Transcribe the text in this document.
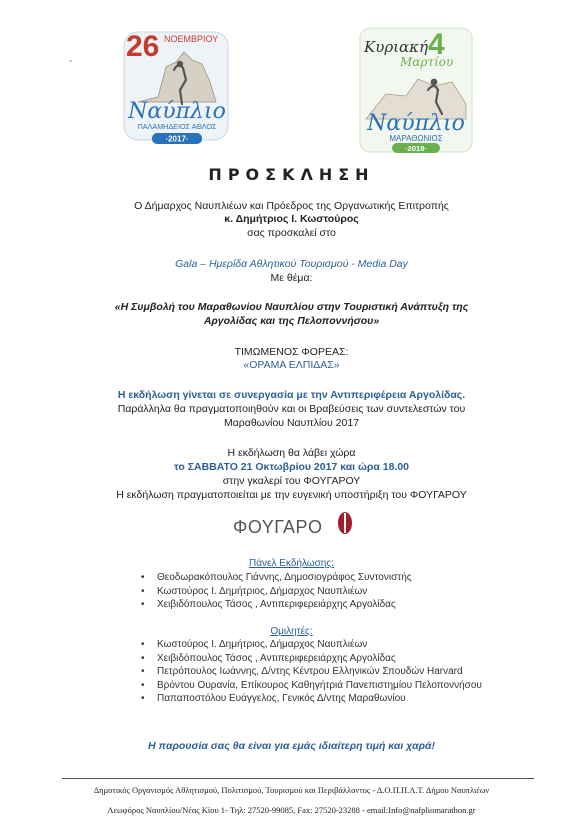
26 ΝΟΕΜΒΡΙΟΥ
Ναύπλιο
ΠΑΛΑΜΗΔΕΙΟΣ ΑΘΛΟΣ
·2017·
Κυριακή 4
Μαρτίου
Ναύπλιο
ΜΑΡΑΘΩΝΙΟΣ
·2018·
`
ΠΡΟΣΚΛΗΣΗ
Ο Δήμαρχος Ναυπλιέων και Πρόεδρος της Οργανωτικής Επιτροπής
κ. Δημήτριος Ι. Κωστούρος
σας προσκαλεί στο
Gala – Ημερίδα Αθλητικού Τουρισμού - Media Day
Με θέμα:
«Η Συμβολή του Μαραθωνίου Ναυπλίου στην Τουριστική Ανάπτυξη της
Αργολίδας και της Πελοποννήσου»
ΤΙΜΩΜΕΝΟΣ ΦΟΡΕΑΣ:
«ΟΡΑΜΑ ΕΛΠΙΔΑΣ»
Η εκδήλωση γίνεται σε συνεργασία με την Αντιπεριφέρεια Αργολίδας.
Παράλληλα θα πραγματοποιηθούν και οι Βραβεύσεις των συντελεστών του
Μαραθωνίου Ναυπλίου 2017
Η εκδήλωση θα λάβει χώρα
το ΣΑΒΒΑΤΟ 21 Οκτωβρίου 2017 και ώρα 18.00
στην γκαλερί του ΦΟΥΓΑΡΟΥ
Η εκδήλωση πραγματοποιείται με την ευγενική υποστήριξη του ΦΟΥΓΑΡΟΥ
ΦΟΥΓΑΡΟ
Πάνελ Εκδήλωσης:
• Θεοδωρακόπουλος Γιάννης, Δημοσιογράφος Συντονιστής
• Κωστούρος Ι. Δημήτριος, Δήμαρχος Ναυπλιέων
• Χειβιδόπουλος Τάσος , Αντιπεριφερειάρχης Αργολίδας
Ομιλητές:
• Κωστούρος Ι. Δημήτριος, Δήμαρχος Ναυπλιέων
• Χειβιδόπουλος Τάσος , Αντιπεριφερειάρχης Αργολίδας
• Πετρόπουλος Ιωάννης, Δ/ντης Κέντρου Ελληνικών Σπουδών Harvard
• Βρόντου Ουρανία, Επίκουρος Καθηγήτριά Πανεπιστημίου Πελοποννήσου
• Παπαποστόλου Ευάγγελος, Γενικός Δ/ντης Μαραθωνίου
Η παρουσία σας θα είναι για εμάς ιδιαίτερη τιμή και χαρά!
Δημοτικός Οργανισμός Αθλητισμού, Πολιτισμού, Τουρισμού και Περιβάλλοντος - Δ.Ο.Π.Π.Α.Τ. Δήμου Ναυπλιέων
Λεωφόρος Ναυπλίου/Νέας Κίου 1- Τηλ: 27520-99085, Fax: 27520-23288 - email:Info@nafpliomarathon.gr
